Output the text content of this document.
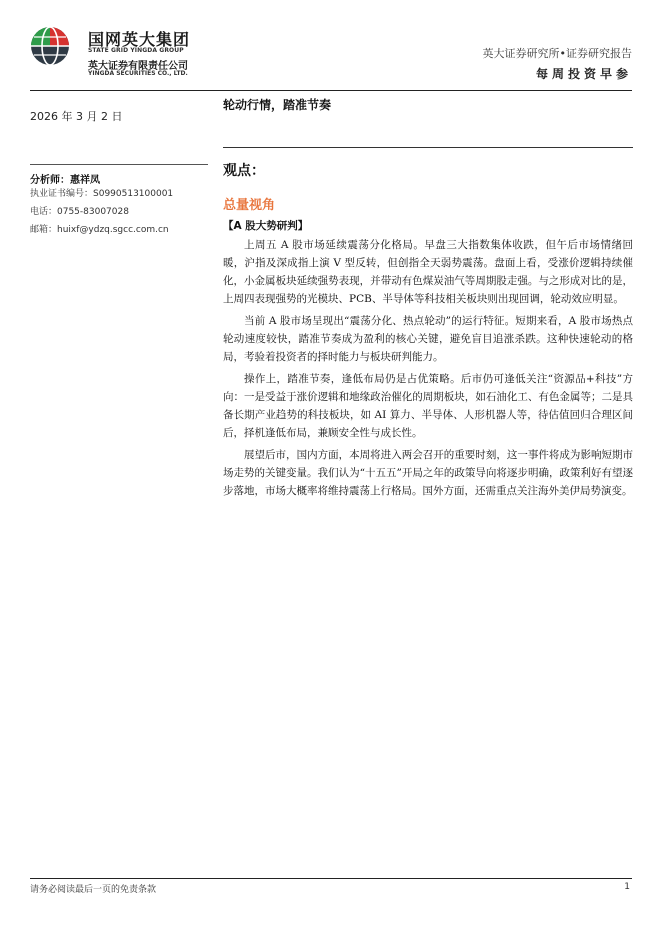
国网英大集团
STATE GRID YINGDA GROUP
英大证券有限责任公司
YINGDA SECURITIES CO., LTD.
英大证券研究所•证券研究报告
每周投资早参
2026 年 3 月 2 日
分析师：惠祥凤
执业证书编号：S0990513100001
电话：0755-83007028
邮箱：huixf@ydzq.sgcc.com.cn
轮动行情，踏准节奏
观点：
总量视角
【A 股大势研判】

上周五 A 股市场延续震荡分化格局。早盘三大指数集体收跌，但午后市场情绪回暖，沪指及深成指上演 V 型反转，但创指全天弱势震荡。盘面上看，受涨价逻辑持续催化，小金属板块延续强势表现，并带动有色煤炭油气等周期股走强。与之形成对比的是，上周四表现强势的光模块、PCB、半导体等科技相关板块则出现回调，轮动效应明显。

当前 A 股市场呈现出“震荡分化、热点轮动”的运行特征。短期来看，A 股市场热点轮动速度较快，踏准节奏成为盈利的核心关键，避免盲目追涨杀跌。这种快速轮动的格局，考验着投资者的择时能力与板块研判能力。

操作上，踏准节奏，逢低布局仍是占优策略。后市仍可逢低关注“资源品+科技”方向：一是受益于涨价逻辑和地缘政治催化的周期板块，如石油化工、有色金属等；二是具备长期产业趋势的科技板块，如 AI 算力、半导体、人形机器人等，待估值回归合理区间后，择机逢低布局，兼顾安全性与成长性。

展望后市，国内方面，本周将进入两会召开的重要时刻，这一事件将成为影响短期市场走势的关键变量。我们认为“十五五”开局之年的政策导向将逐步明确，政策利好有望逐步落地，市场大概率将维持震荡上行格局。国外方面，还需重点关注海外美伊局势演变。

请务必阅读最后一页的免责条款	1
